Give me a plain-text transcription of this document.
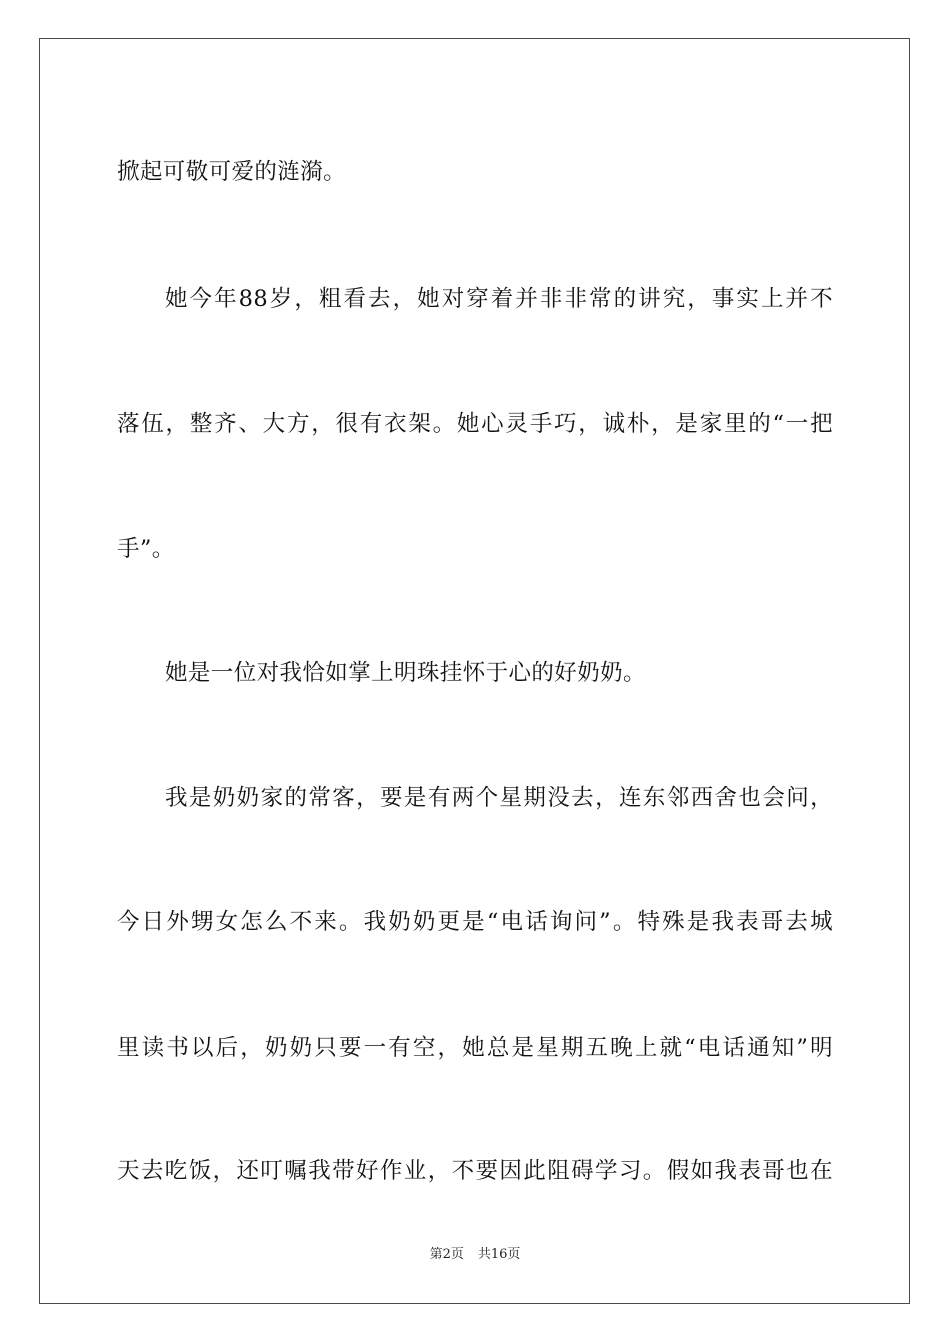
掀起可敬可爱的涟漪。

她今年88岁，粗看去，她对穿着并非非常的讲究，事实上并不

落伍，整齐、大方，很有衣架。她心灵手巧，诚朴，是家里的“一把

手”。

她是一位对我恰如掌上明珠挂怀于心的好奶奶。

我是奶奶家的常客，要是有两个星期没去，连东邻西舍也会问，

今日外甥女怎么不来。我奶奶更是“电话询问”。特殊是我表哥去城

里读书以后，奶奶只要一有空，她总是星期五晚上就“电话通知”明

天去吃饭，还叮嘱我带好作业，不要因此阻碍学习。假如我表哥也在

第2页 共16页
